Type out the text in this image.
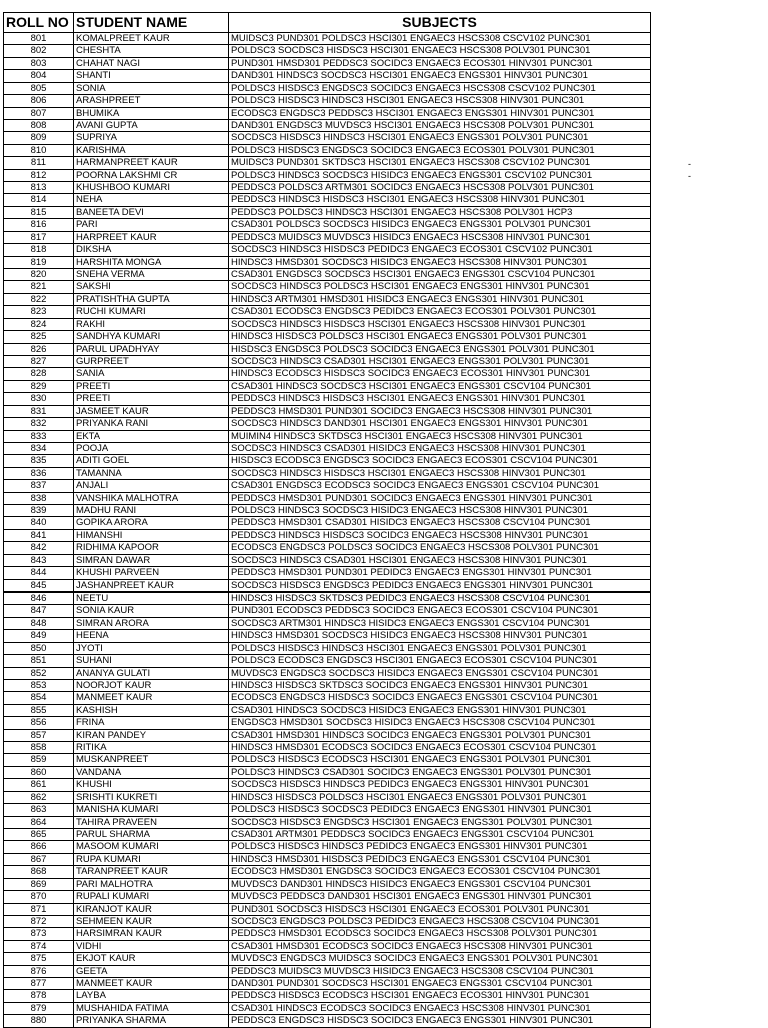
ROLL NO	STUDENT NAME	SUBJECTS
801	KOMALPREET KAUR	MUIDSC3 PUND301 POLDSC3 HSCI301 ENGAEC3 HSCS308 CSCV102 PUNC301
802	CHESHTA	POLDSC3 SOCDSC3 HISDSC3 HSCI301 ENGAEC3 HSCS308 POLV301 PUNC301
803	CHAHAT NAGI	PUND301 HMSD301 PEDDSC3 SOCIDC3 ENGAEC3 ECOS301 HINV301 PUNC301
804	SHANTI	DAND301 HINDSC3 SOCDSC3 HSCI301 ENGAEC3 ENGS301 HINV301 PUNC301
805	SONIA	POLDSC3 HISDSC3 ENGDSC3 SOCIDC3 ENGAEC3 HSCS308 CSCV102 PUNC301
806	ARASHPREET	POLDSC3 HISDSC3 HINDSC3 HSCI301 ENGAEC3 HSCS308 HINV301 PUNC301
807	BHUMIKA	ECODSC3 ENGDSC3 PEDDSC3 HSCI301 ENGAEC3 ENGS301 HINV301 PUNC301
808	AVANI GUPTA	DAND301 ENGDSC3 MUVDSC3 HSCI301 ENGAEC3 HSCS308 POLV301 PUNC301
809	SUPRIYA	SOCDSC3 HISDSC3 HINDSC3 HSCI301 ENGAEC3 ENGS301 POLV301 PUNC301
810	KARISHMA	POLDSC3 HISDSC3 ENGDSC3 SOCIDC3 ENGAEC3 ECOS301 POLV301 PUNC301
811	HARMANPREET KAUR	MUIDSC3 PUND301 SKTDSC3 HSCI301 ENGAEC3 HSCS308 CSCV102 PUNC301
812	POORNA LAKSHMI CR	POLDSC3 HINDSC3 SOCDSC3 HISIDC3 ENGAEC3 ENGS301 CSCV102 PUNC301
813	KHUSHBOO KUMARI	PEDDSC3 POLDSC3 ARTM301 SOCIDC3 ENGAEC3 HSCS308 POLV301 PUNC301
814	NEHA	PEDDSC3 HINDSC3 HISDSC3 HSCI301 ENGAEC3 HSCS308 HINV301 PUNC301
815	BANEETA DEVI	PEDDSC3 POLDSC3 HINDSC3 HSCI301 ENGAEC3 HSCS308 POLV301 HCP3
816	PARI	CSAD301 POLDSC3 SOCDSC3 HISIDC3 ENGAEC3 ENGS301 POLV301 PUNC301
817	HARPREET KAUR	PEDDSC3 MUIDSC3 MUVDSC3 HISIDC3 ENGAEC3 HSCS308 HINV301 PUNC301
818	DIKSHA	SOCDSC3 HINDSC3 HISDSC3 PEDIDC3 ENGAEC3 ECOS301 CSCV102 PUNC301
819	HARSHITA MONGA	HINDSC3 HMSD301 SOCDSC3 HISIDC3 ENGAEC3 HSCS308 HINV301 PUNC301
820	SNEHA VERMA	CSAD301 ENGDSC3 SOCDSC3 HSCI301 ENGAEC3 ENGS301 CSCV104 PUNC301
821	SAKSHI	SOCDSC3 HINDSC3 POLDSC3 HSCI301 ENGAEC3 ENGS301 HINV301 PUNC301
822	PRATISHTHA GUPTA	HINDSC3 ARTM301 HMSD301 HISIDC3 ENGAEC3 ENGS301 HINV301 PUNC301
823	RUCHI KUMARI	CSAD301 ECODSC3 ENGDSC3 PEDIDC3 ENGAEC3 ECOS301 POLV301 PUNC301
824	RAKHI	SOCDSC3 HINDSC3 HISDSC3 HSCI301 ENGAEC3 HSCS308 HINV301 PUNC301
825	SANDHYA KUMARI	HINDSC3 HISDSC3 POLDSC3 HSCI301 ENGAEC3 ENGS301 POLV301 PUNC301
826	PARUL UPADHYAY	HISDSC3 ENGDSC3 POLDSC3 SOCIDC3 ENGAEC3 ENGS301 POLV301 PUNC301
827	GURPREET	SOCDSC3 HINDSC3 CSAD301 HSCI301 ENGAEC3 ENGS301 POLV301 PUNC301
828	SANIA	HINDSC3 ECODSC3 HISDSC3 SOCIDC3 ENGAEC3 ECOS301 HINV301 PUNC301
829	PREETI	CSAD301 HINDSC3 SOCDSC3 HSCI301 ENGAEC3 ENGS301 CSCV104 PUNC301
830	PREETI	PEDDSC3 HINDSC3 HISDSC3 HSCI301 ENGAEC3 ENGS301 HINV301 PUNC301
831	JASMEET KAUR	PEDDSC3 HMSD301 PUND301 SOCIDC3 ENGAEC3 HSCS308 HINV301 PUNC301
832	PRIYANKA RANI	SOCDSC3 HINDSC3 DAND301 HSCI301 ENGAEC3 ENGS301 HINV301 PUNC301
833	EKTA	MUIMIN4 HINDSC3 SKTDSC3 HSCI301 ENGAEC3 HSCS308 HINV301 PUNC301
834	POOJA	SOCDSC3 HINDSC3 CSAD301 HISIDC3 ENGAEC3 HSCS308 HINV301 PUNC301
835	ADITI GOEL	HISDSC3 ECODSC3 ENGDSC3 SOCIDC3 ENGAEC3 ECOS301 CSCV104 PUNC301
836	TAMANNA	SOCDSC3 HINDSC3 HISDSC3 HSCI301 ENGAEC3 HSCS308 HINV301 PUNC301
837	ANJALI	CSAD301 ENGDSC3 ECODSC3 SOCIDC3 ENGAEC3 ENGS301 CSCV104 PUNC301
838	VANSHIKA MALHOTRA	PEDDSC3 HMSD301 PUND301 SOCIDC3 ENGAEC3 ENGS301 HINV301 PUNC301
839	MADHU RANI	POLDSC3 HINDSC3 SOCDSC3 HISIDC3 ENGAEC3 HSCS308 HINV301 PUNC301
840	GOPIKA ARORA	PEDDSC3 HMSD301 CSAD301 HISIDC3 ENGAEC3 HSCS308 CSCV104 PUNC301
841	HIMANSHI	PEDDSC3 HINDSC3 HISDSC3 SOCIDC3 ENGAEC3 HSCS308 HINV301 PUNC301
842	RIDHIMA KAPOOR	ECODSC3 ENGDSC3 POLDSC3 SOCIDC3 ENGAEC3 HSCS308 POLV301 PUNC301
843	SIMRAN DAWAR	SOCDSC3 HINDSC3 CSAD301 HSCI301 ENGAEC3 HSCS308 HINV301 PUNC301
844	KHUSHI PARVEEN	PEDDSC3 HMSD301 PUND301 PEDIDC3 ENGAEC3 ENGS301 HINV301 PUNC301
845	JASHANPREET KAUR	SOCDSC3 HISDSC3 ENGDSC3 PEDIDC3 ENGAEC3 ENGS301 HINV301 PUNC301
846	NEETU	HINDSC3 HISDSC3 SKTDSC3 PEDIDC3 ENGAEC3 HSCS308 CSCV104 PUNC301
847	SONIA KAUR	PUND301 ECODSC3 PEDDSC3 SOCIDC3 ENGAEC3 ECOS301 CSCV104 PUNC301
848	SIMRAN ARORA	SOCDSC3 ARTM301 HINDSC3 HISIDC3 ENGAEC3 ENGS301 CSCV104 PUNC301
849	HEENA	HINDSC3 HMSD301 SOCDSC3 HISIDC3 ENGAEC3 HSCS308 HINV301 PUNC301
850	JYOTI	POLDSC3 HISDSC3 HINDSC3 HSCI301 ENGAEC3 ENGS301 POLV301 PUNC301
851	SUHANI	POLDSC3 ECODSC3 ENGDSC3 HSCI301 ENGAEC3 ECOS301 CSCV104 PUNC301
852	ANANYA GULATI	MUVDSC3 ENGDSC3 SOCDSC3 HISIDC3 ENGAEC3 ENGS301 CSCV104 PUNC301
853	NOORJOT KAUR	HINDSC3 HISDSC3 SKTDSC3 SOCIDC3 ENGAEC3 ENGS301 HINV301 PUNC301
854	MANMEET KAUR	ECODSC3 ENGDSC3 HISDSC3 SOCIDC3 ENGAEC3 ENGS301 CSCV104 PUNC301
855	KASHISH	CSAD301 HINDSC3 SOCDSC3 HISIDC3 ENGAEC3 ENGS301 HINV301 PUNC301
856	FRINA	ENGDSC3 HMSD301 SOCDSC3 HISIDC3 ENGAEC3 HSCS308 CSCV104 PUNC301
857	KIRAN PANDEY	CSAD301 HMSD301 HINDSC3 SOCIDC3 ENGAEC3 ENGS301 POLV301 PUNC301
858	RITIKA	HINDSC3 HMSD301 ECODSC3 SOCIDC3 ENGAEC3 ECOS301 CSCV104 PUNC301
859	MUSKANPREET	POLDSC3 HISDSC3 ECODSC3 HSCI301 ENGAEC3 ENGS301 POLV301 PUNC301
860	VANDANA	POLDSC3 HINDSC3 CSAD301 SOCIDC3 ENGAEC3 ENGS301 POLV301 PUNC301
861	KHUSHI	SOCDSC3 HISDSC3 HINDSC3 PEDIDC3 ENGAEC3 ENGS301 HINV301 PUNC301
862	SRISHTI KUKRETI	HINDSC3 HISDSC3 POLDSC3 HSCI301 ENGAEC3 ENGS301 POLV301 PUNC301
863	MANISHA KUMARI	POLDSC3 HISDSC3 SOCDSC3 PEDIDC3 ENGAEC3 ENGS301 HINV301 PUNC301
864	TAHIRA PRAVEEN	SOCDSC3 HISDSC3 ENGDSC3 HSCI301 ENGAEC3 ENGS301 POLV301 PUNC301
865	PARUL SHARMA	CSAD301 ARTM301 PEDDSC3 SOCIDC3 ENGAEC3 ENGS301 CSCV104 PUNC301
866	MASOOM KUMARI	POLDSC3 HISDSC3 HINDSC3 PEDIDC3 ENGAEC3 ENGS301 HINV301 PUNC301
867	RUPA KUMARI	HINDSC3 HMSD301 HISDSC3 PEDIDC3 ENGAEC3 ENGS301 CSCV104 PUNC301
868	TARANPREET KAUR	ECODSC3 HMSD301 ENGDSC3 SOCIDC3 ENGAEC3 ECOS301 CSCV104 PUNC301
869	PARI MALHOTRA	MUVDSC3 DAND301 HINDSC3 HISIDC3 ENGAEC3 ENGS301 CSCV104 PUNC301
870	RUPALI KUMARI	MUVDSC3 PEDDSC3 DAND301 HSCI301 ENGAEC3 ENGS301 HINV301 PUNC301
871	KIRANJOT KAUR	PUND301 SOCDSC3 HISDSC3 HSCI301 ENGAEC3 ECOS301 POLV301 PUNC301
872	SEHMEEN KAUR	SOCDSC3 ENGDSC3 POLDSC3 PEDIDC3 ENGAEC3 HSCS308 CSCV104 PUNC301
873	HARSIMRAN KAUR	PEDDSC3 HMSD301 ECODSC3 SOCIDC3 ENGAEC3 HSCS308 POLV301 PUNC301
874	VIDHI	CSAD301 HMSD301 ECODSC3 SOCIDC3 ENGAEC3 HSCS308 HINV301 PUNC301
875	EKJOT KAUR	MUVDSC3 ENGDSC3 MUIDSC3 SOCIDC3 ENGAEC3 ENGS301 POLV301 PUNC301
876	GEETA	PEDDSC3 MUIDSC3 MUVDSC3 HISIDC3 ENGAEC3 HSCS308 CSCV104 PUNC301
877	MANMEET KAUR	DAND301 PUND301 SOCDSC3 HSCI301 ENGAEC3 ENGS301 CSCV104 PUNC301
878	LAYBA	PEDDSC3 HISDSC3 ECODSC3 HSCI301 ENGAEC3 ECOS301 HINV301 PUNC301
879	MUSHAHIDA FATIMA	CSAD301 HINDSC3 ECODSC3 SOCIDC3 ENGAEC3 HSCS308 HINV301 PUNC301
880	PRIYANKA SHARMA	PEDDSC3 ENGDSC3 HISDSC3 SOCIDC3 ENGAEC3 ENGS301 HINV301 PUNC301
-
-
